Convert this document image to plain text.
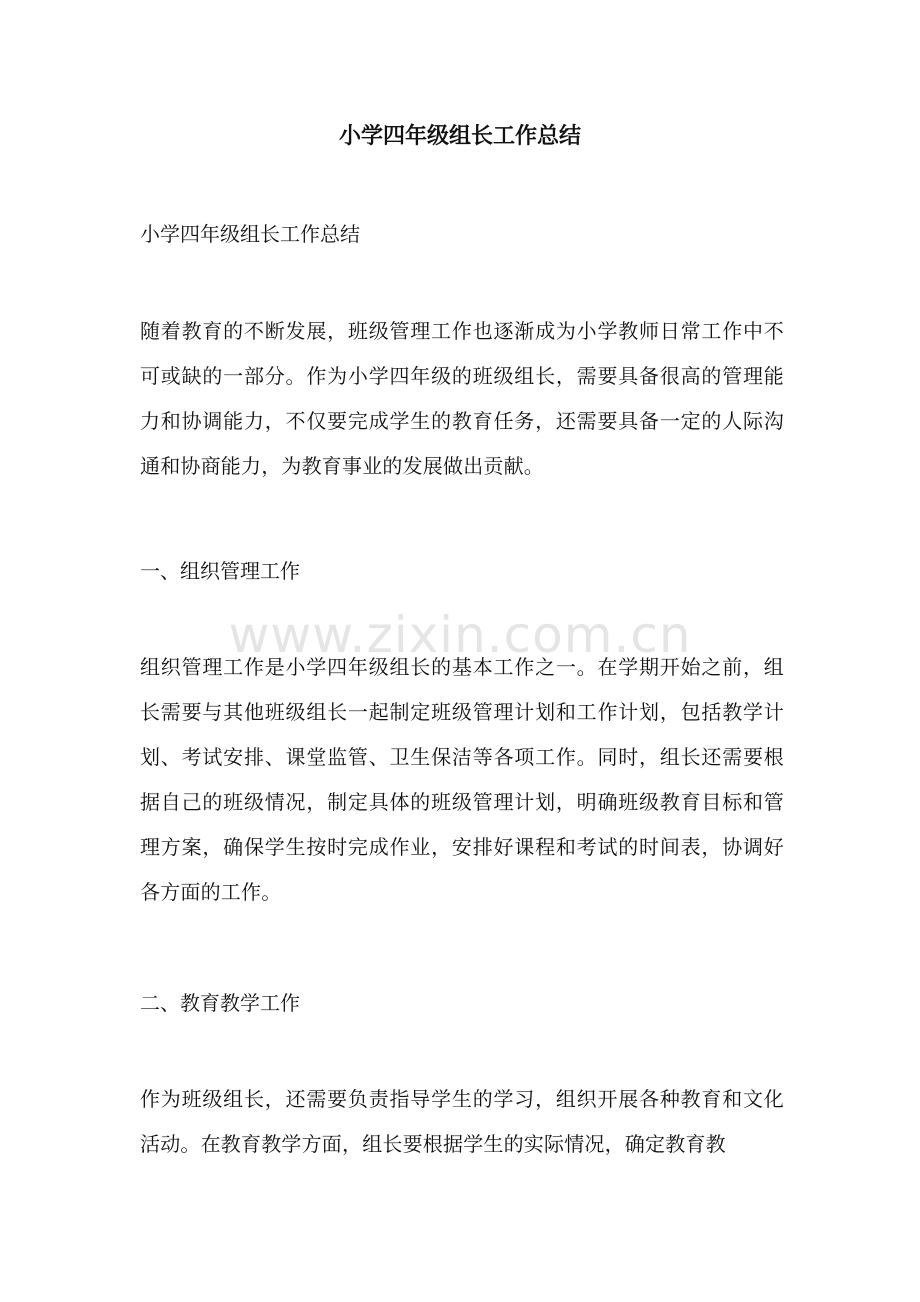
小学四年级组长工作总结

小学四年级组长工作总结

随着教育的不断发展，班级管理工作也逐渐成为小学教师日常工作中不可或缺的一部分。作为小学四年级的班级组长，需要具备很高的管理能力和协调能力，不仅要完成学生的教育任务，还需要具备一定的人际沟通和协商能力，为教育事业的发展做出贡献。

一、组织管理工作

组织管理工作是小学四年级组长的基本工作之一。在学期开始之前，组长需要与其他班级组长一起制定班级管理计划和工作计划，包括教学计划、考试安排、课堂监管、卫生保洁等各项工作。同时，组长还需要根据自己的班级情况，制定具体的班级管理计划，明确班级教育目标和管理方案，确保学生按时完成作业，安排好课程和考试的时间表，协调好各方面的工作。

二、教育教学工作

作为班级组长，还需要负责指导学生的学习，组织开展各种教育和文化活动。在教育教学方面，组长要根据学生的实际情况，确定教育教

www.zixin.com.cn
